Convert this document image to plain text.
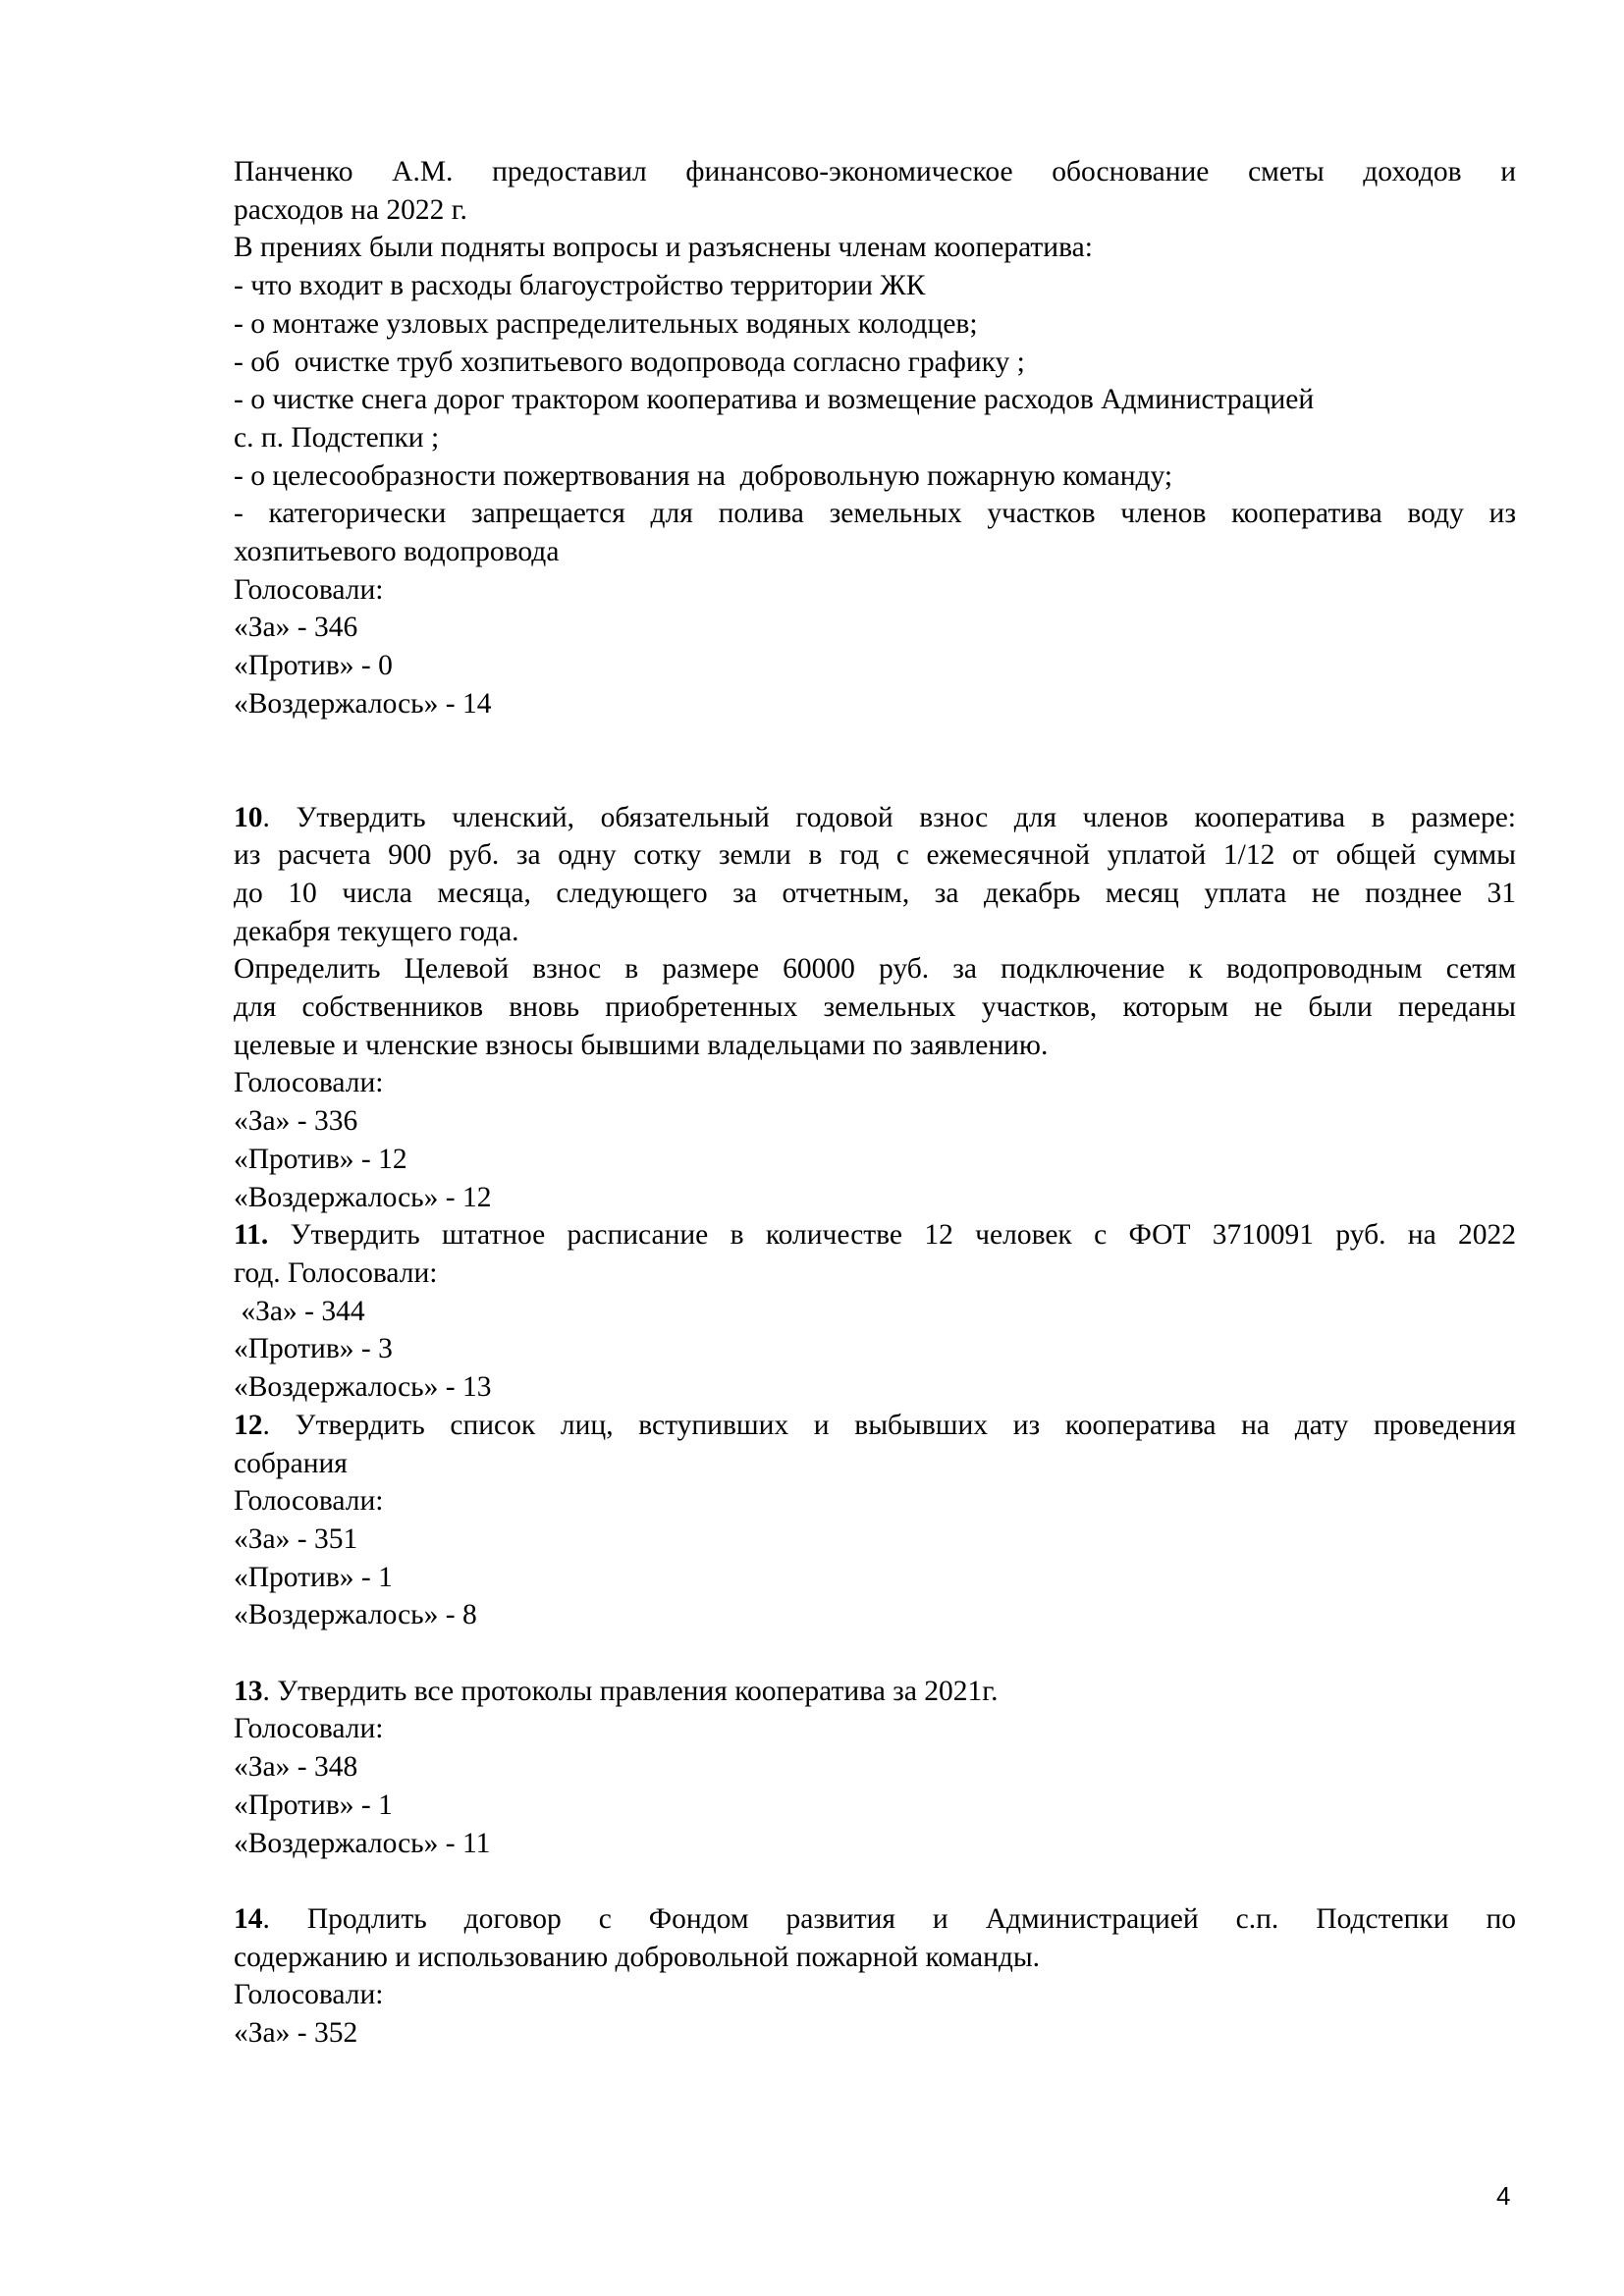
Панченко А.М. предоставил финансово-экономическое обоснование сметы доходов и
расходов на 2022 г.
В прениях были подняты вопросы и разъяснены членам кооператива:
- что входит в расходы благоустройство территории ЖК
- о монтаже узловых распределительных водяных колодцев;
- об  очистке труб хозпитьевого водопровода согласно графику ;
- о чистке снега дорог трактором кооператива и возмещение расходов Администрацией
с. п. Подстепки ;
- о целесообразности пожертвования на  добровольную пожарную команду;
- категорически запрещается для полива земельных участков членов кооператива воду из
хозпитьевого водопровода
Голосовали:
«За» - 346
«Против» - 0
«Воздержалось» - 14
10. Утвердить членский, обязательный годовой взнос для членов кооператива в размере:
из расчета 900 руб. за одну сотку земли в год с ежемесячной уплатой 1/12 от общей суммы
до 10 числа месяца, следующего за отчетным, за декабрь месяц уплата не позднее 31
декабря текущего года.
Определить Целевой взнос в размере 60000 руб. за подключение к водопроводным сетям
для собственников вновь приобретенных земельных участков, которым не были переданы
целевые и членские взносы бывшими владельцами по заявлению.
Голосовали:
«За» - 336
«Против» - 12
«Воздержалось» - 12
11. Утвердить штатное расписание в количестве 12 человек с ФОТ 3710091 руб. на 2022
год. Голосовали:
«За» - 344
«Против» - 3
«Воздержалось» - 13
12. Утвердить список лиц, вступивших и выбывших из кооператива на дату проведения
собрания
Голосовали:
«За» - 351
«Против» - 1
«Воздержалось» - 8
13. Утвердить все протоколы правления кооператива за 2021г.
Голосовали:
«За» - 348
«Против» - 1
«Воздержалось» - 11
14. Продлить договор с Фондом развития и Администрацией с.п. Подстепки по
содержанию и использованию добровольной пожарной команды.
Голосовали:
«За» - 352
4
